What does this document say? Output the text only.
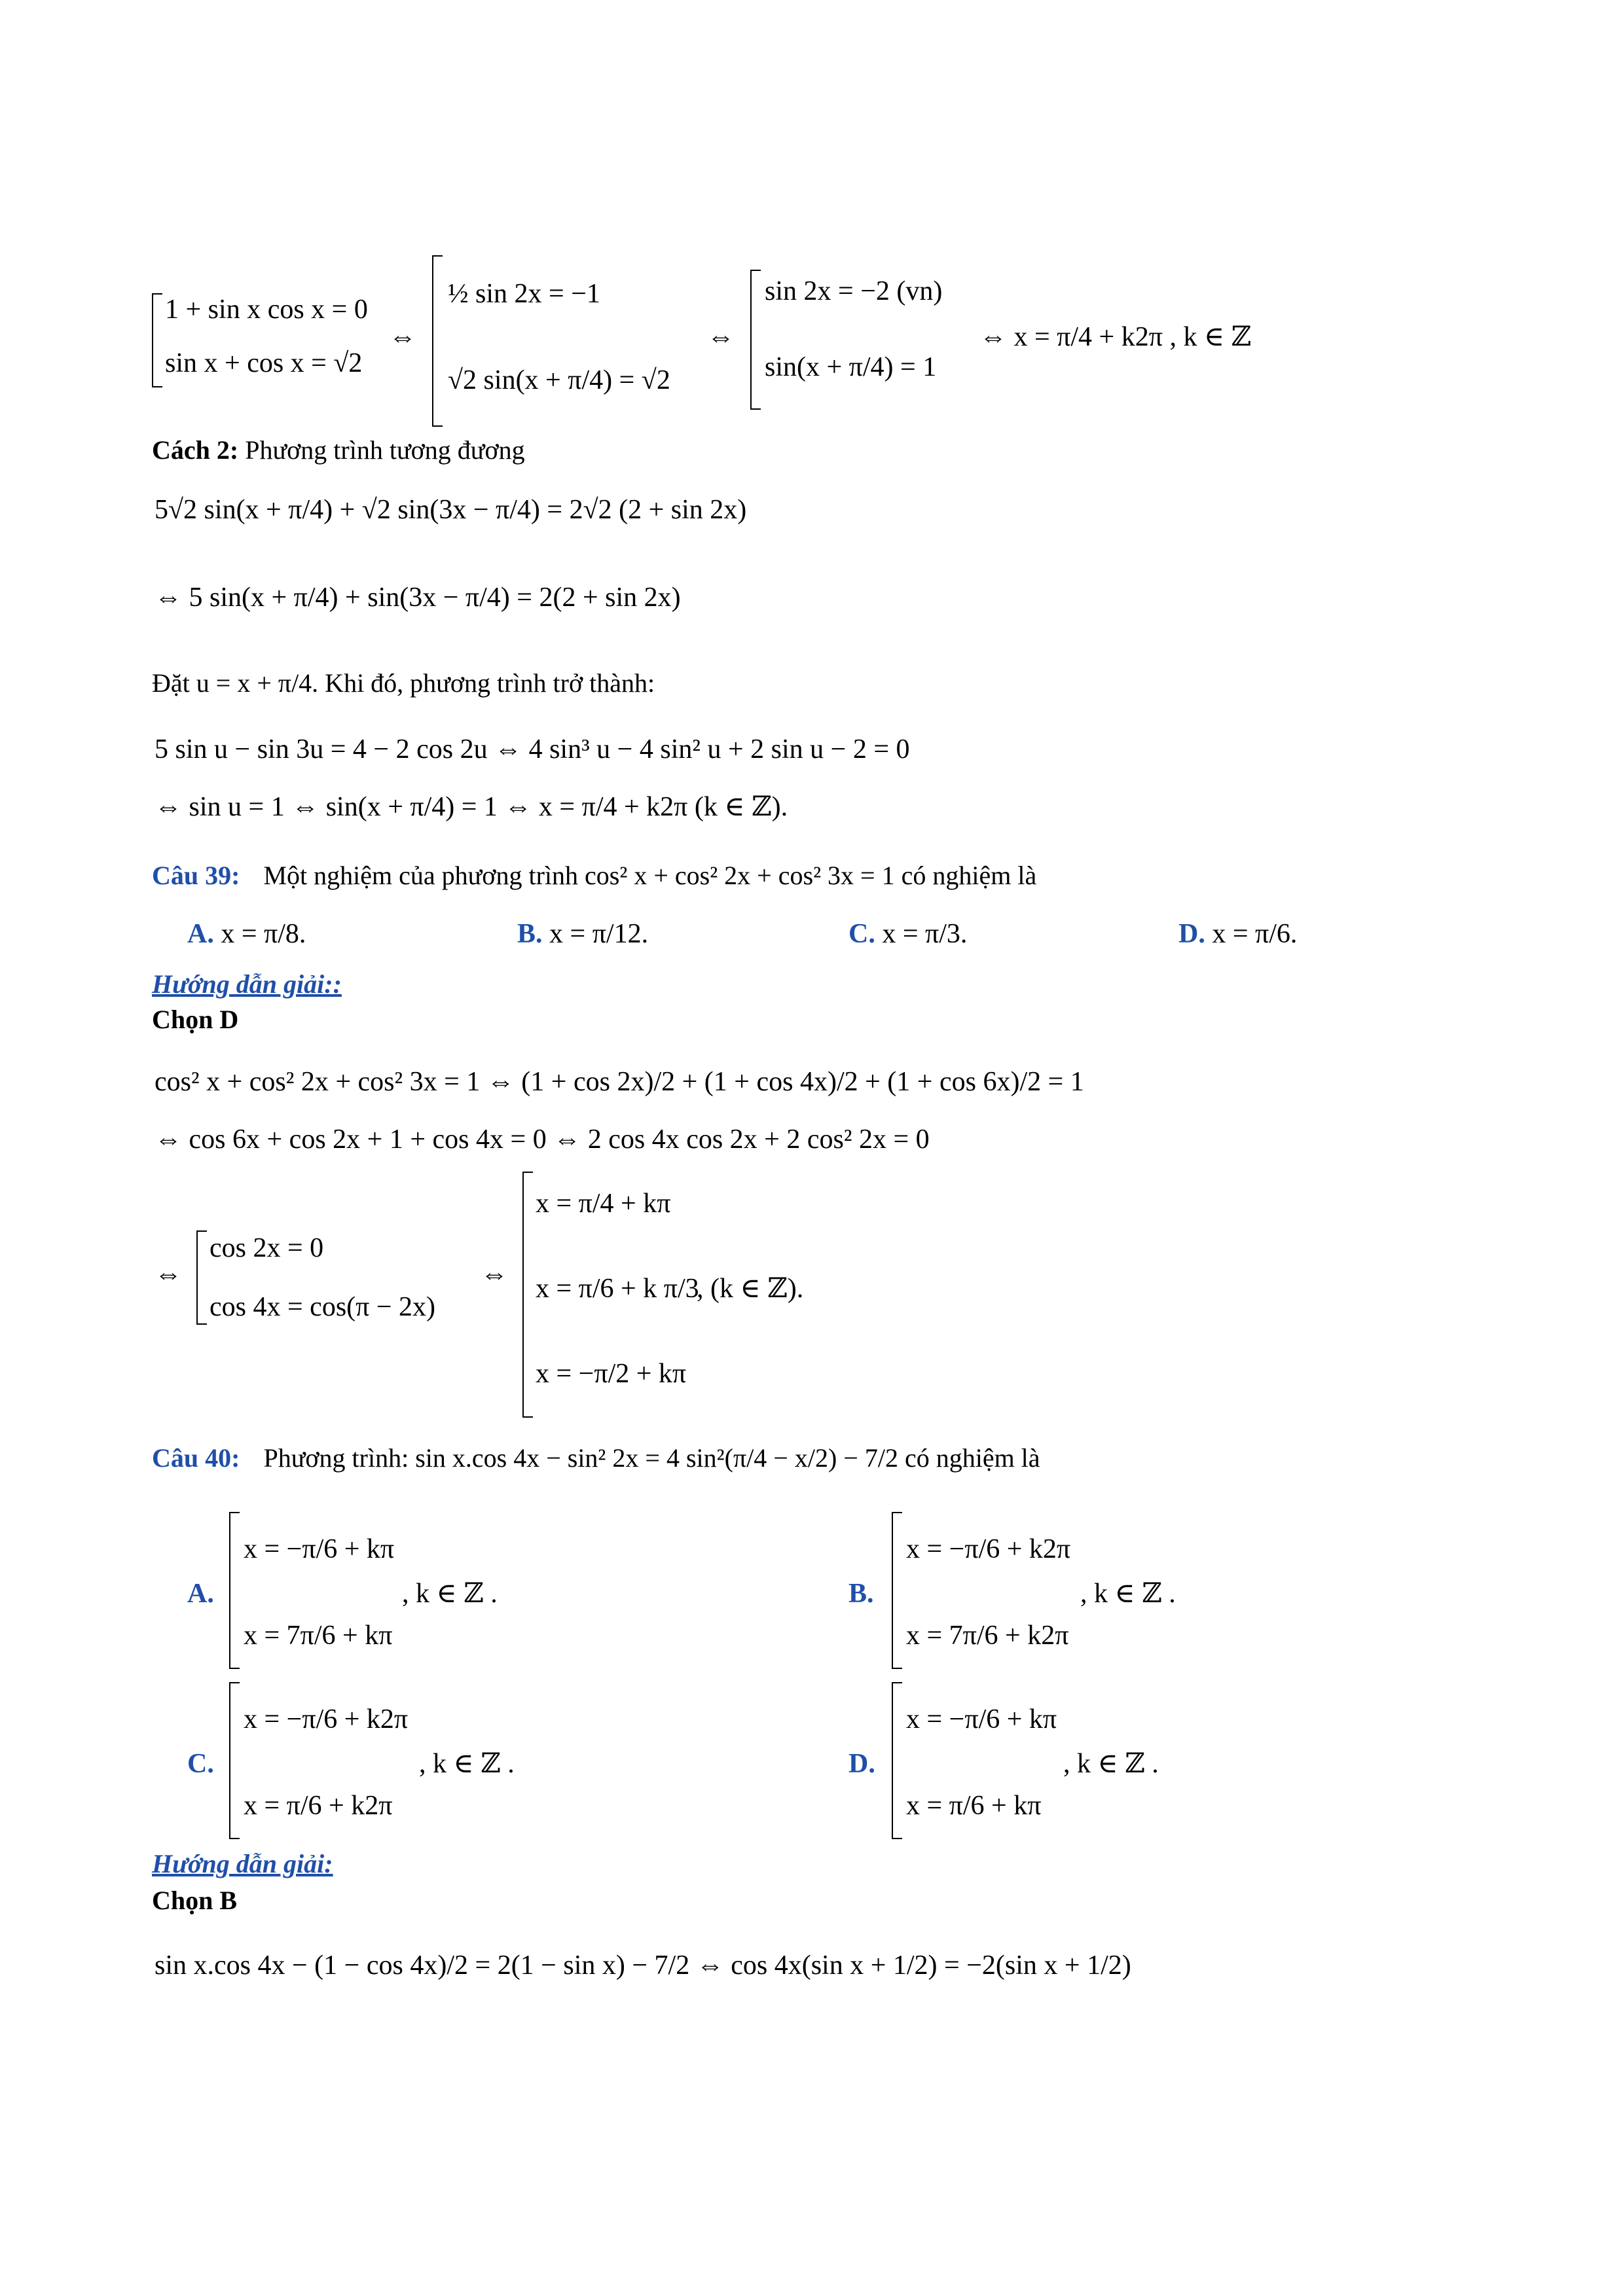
1 + sin x cos x = 0
sin x + cos x = √2
⇔
½ sin 2x = −1
√2 sin(x + π/4) = √2
⇔
sin 2x = −2 (vn)
sin(x + π/4) = 1
⇔ x = π/4 + k2π , k ∈ ℤ
Cách 2: Phương trình tương đương
5√2 sin(x + π/4) + √2 sin(3x − π/4) = 2√2 (2 + sin 2x)
⇔ 5 sin(x + π/4) + sin(3x − π/4) = 2(2 + sin 2x)
Đặt u = x + π/4. Khi đó, phương trình trở thành:
5 sin u − sin 3u = 4 − 2 cos 2u ⇔ 4 sin³ u − 4 sin² u + 2 sin u − 2 = 0
⇔ sin u = 1 ⇔ sin(x + π/4) = 1 ⇔ x = π/4 + k2π (k ∈ ℤ).
Câu 39: Một nghiệm của phương trình cos² x + cos² 2x + cos² 3x = 1 có nghiệm là
A. x = π/8.	B. x = π/12.	C. x = π/3.	D. x = π/6.
Hướng dẫn giải::
Chọn D
cos² x + cos² 2x + cos² 3x = 1 ⇔ (1 + cos 2x)/2 + (1 + cos 4x)/2 + (1 + cos 6x)/2 = 1
⇔ cos 6x + cos 2x + 1 + cos 4x = 0 ⇔ 2 cos 4x cos 2x + 2 cos² 2x = 0
⇔
cos 2x = 0
cos 4x = cos(π − 2x)
⇔
x = π/4 + kπ
x = π/6 + k π/3
x = −π/2 + kπ
, (k ∈ ℤ).
Câu 40: Phương trình: sin x.cos 4x − sin² 2x = 4 sin²(π/4 − x/2) − 7/2 có nghiệm là
A.
x = −π/6 + kπ
x = 7π/6 + kπ
, k ∈ ℤ .	B.
x = −π/6 + k2π
x = 7π/6 + k2π
, k ∈ ℤ .
C.
x = −π/6 + k2π
x = π/6 + k2π
, k ∈ ℤ .	D.
x = −π/6 + kπ
x = π/6 + kπ
, k ∈ ℤ .
Hướng dẫn giải:
Chọn B
sin x.cos 4x − (1 − cos 4x)/2 = 2(1 − sin x) − 7/2 ⇔ cos 4x(sin x + 1/2) = −2(sin x + 1/2)
